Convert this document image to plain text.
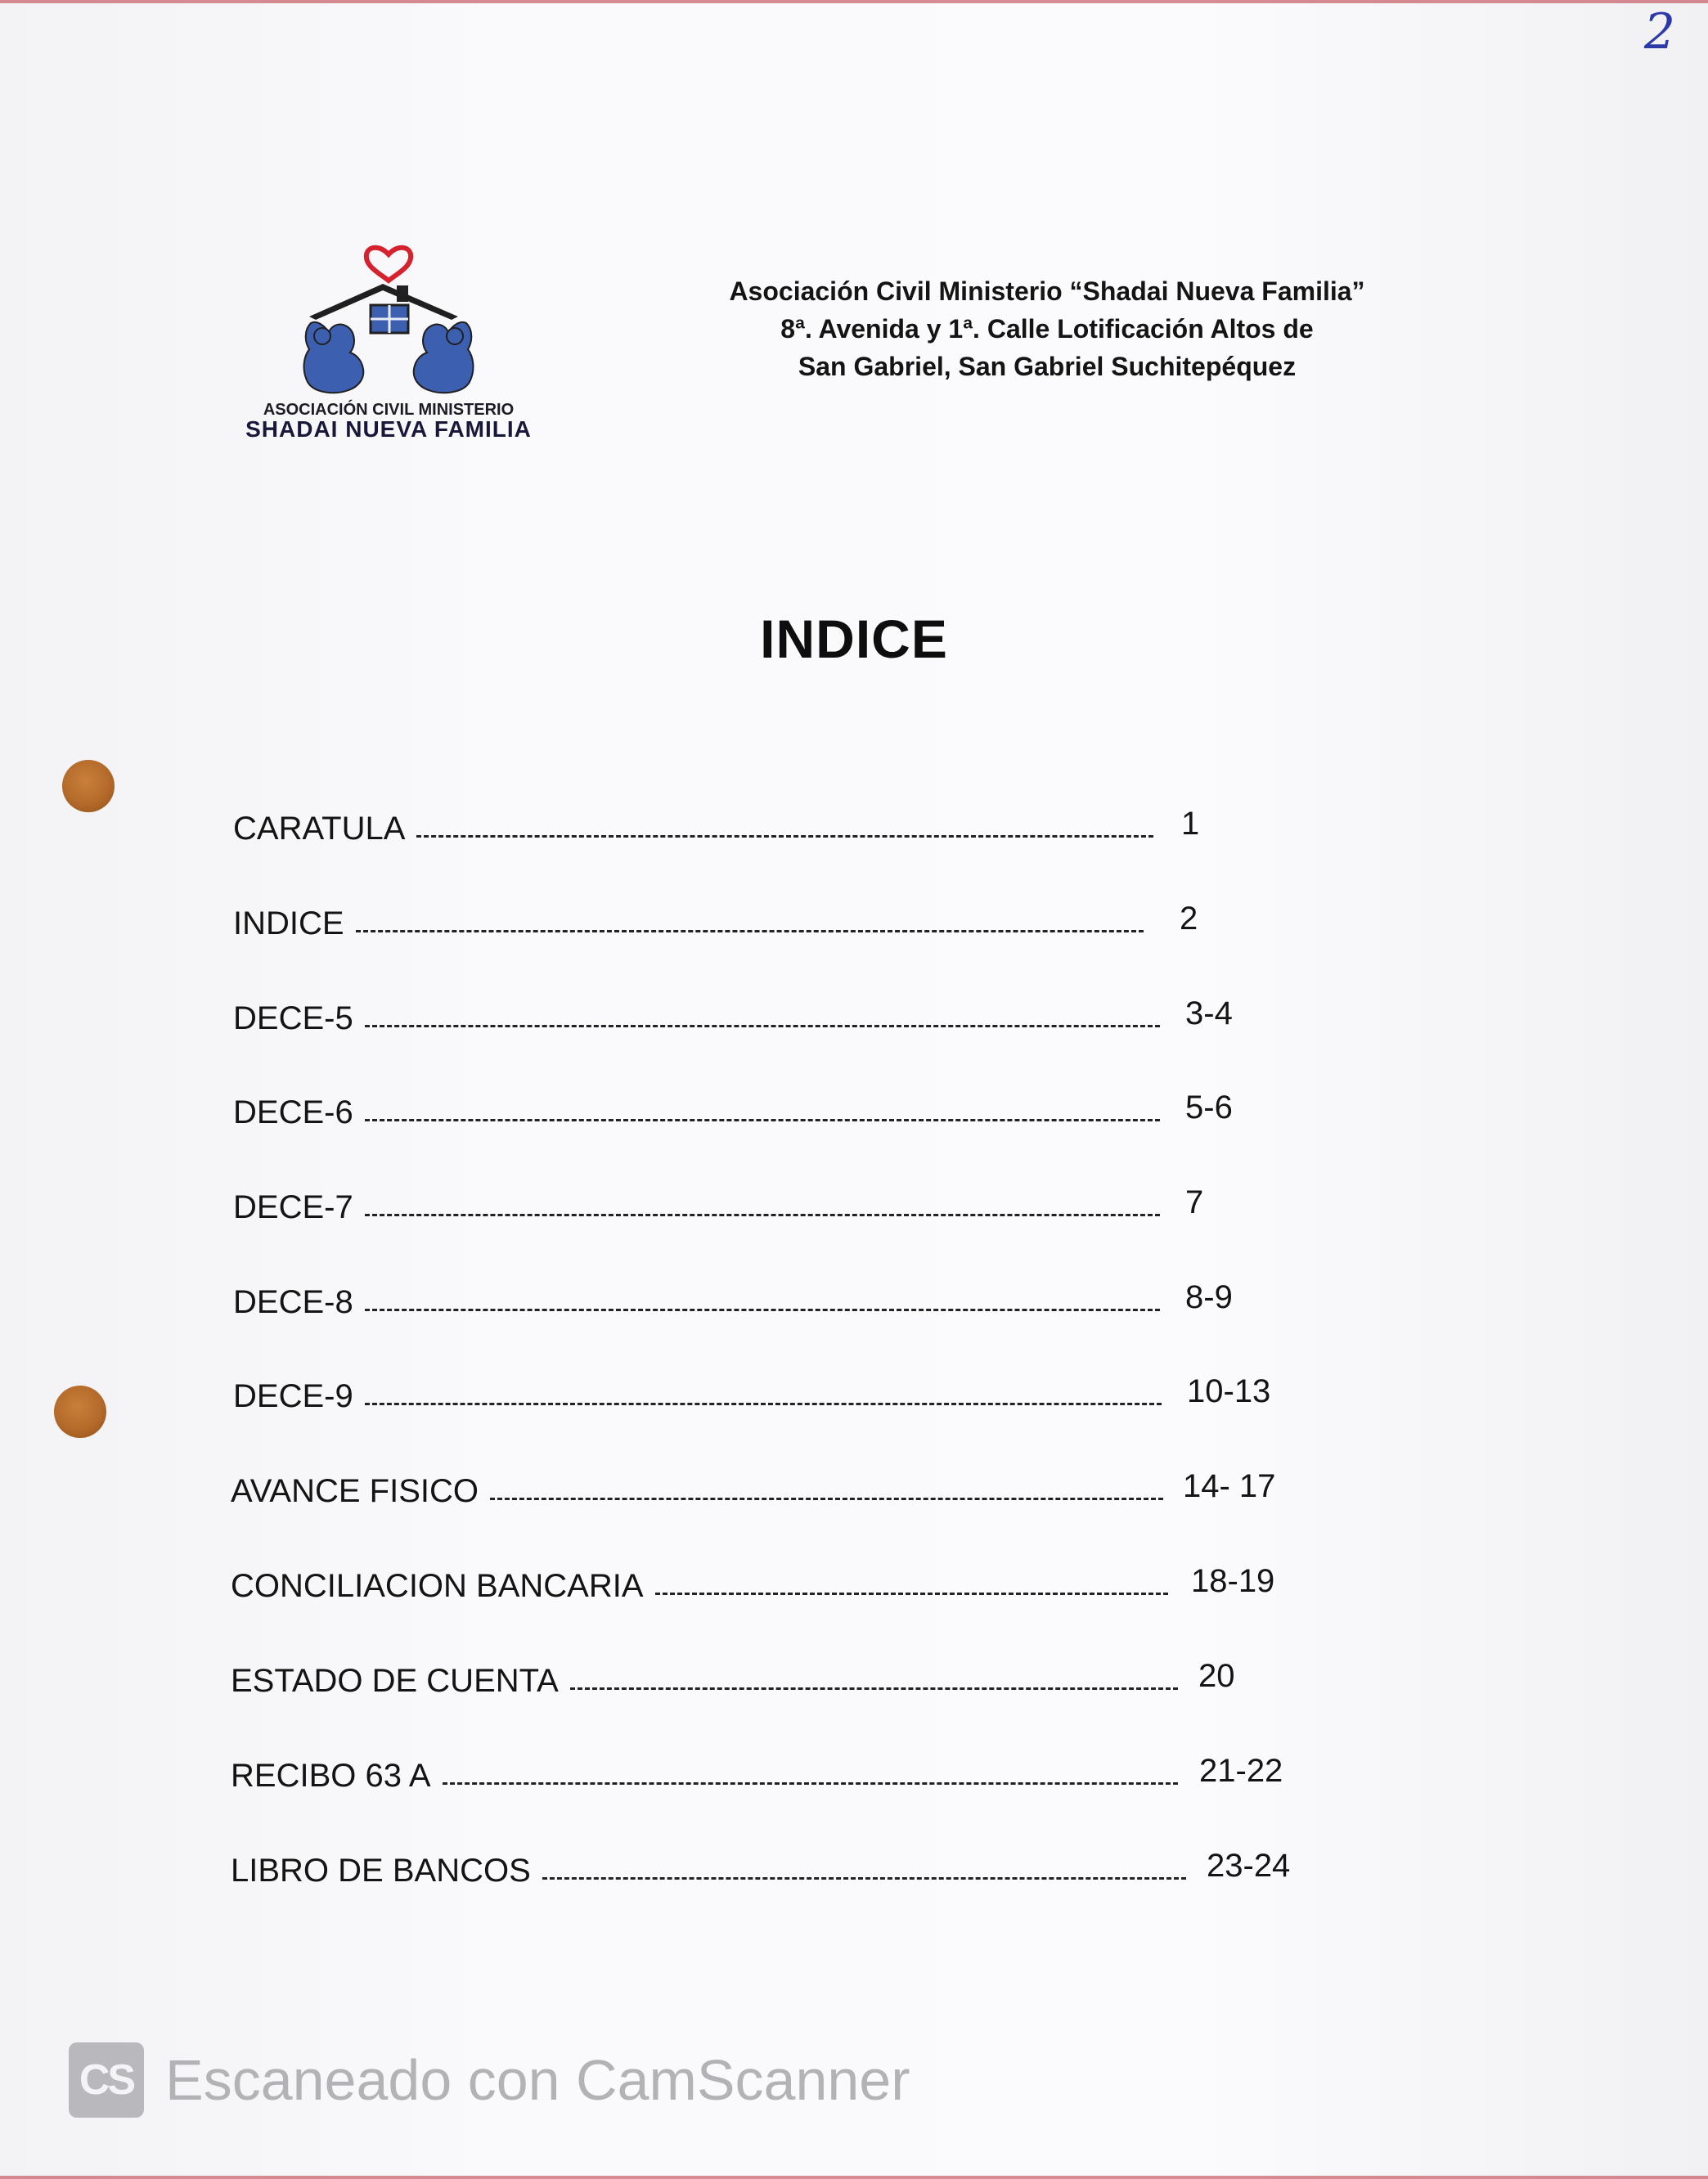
2
ASOCIACIÓN CIVIL MINISTERIO
SHADAI NUEVA FAMILIA
Asociación Civil Ministerio “Shadai Nueva Familia”
8ª. Avenida y 1ª. Calle Lotificación Altos de
San Gabriel, San Gabriel Suchitepéquez
INDICE
CARATULA	1
INDICE	2
DECE-5	3-4
DECE-6	5-6
DECE-7	7
DECE-8	8-9
DECE-9	10-13
AVANCE FISICO	14- 17
CONCILIACION BANCARIA	18-19
ESTADO DE CUENTA	20
RECIBO 63 A	21-22
LIBRO DE BANCOS	23-24
CS Escaneado con CamScanner
